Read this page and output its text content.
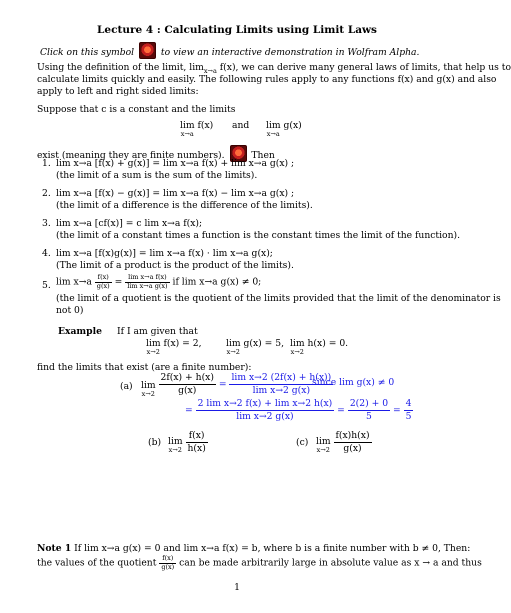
Lecture 4 : Calculating Limits using Limit Laws
Click on this symbol	to view an interactive demonstration in Wolfram Alpha.
Using the definition of the limit, $\lim_{x\to a} f(x)$, we can derive many general laws of limits, that help us to
calculate limits quickly and easily. The following rules apply to any functions f(x) and g(x) and also
apply to left and right sided limits:
Suppose that c is a constant and the limits
lim
x→a
f(x) and lim
x→a
g(x)
exist (meaning they are finite numbers).	Then
1. lim x→a [f(x) + g(x)] = lim x→a f(x) + lim x→a g(x) ;
(the limit of a sum is the sum of the limits).
2. lim x→a [f(x) − g(x)] = lim x→a f(x) − lim x→a g(x) ;
(the limit of a difference is the difference of the limits).
3. lim x→a [cf(x)] = c lim x→a f(x);
(the limit of a constant times a function is the constant times the limit of the function).
4. lim x→a [f(x)g(x)] = lim x→a f(x) · lim x→a g(x);
(The limit of a product is the product of the limits).
5. $\lim x\to a \frac{f(x)}{g(x)} = \frac{\text{lim x→a f(x)}}{\text{lim x→a g(x)}}$ if lim x→a g(x) ≠ 0;
(the limit of a quotient is the quotient of the limits provided that the limit of the denominator is
not 0)
Example If I am given that
lim
x→2
f(x) = 2,	lim
x→2
g(x) = 5, lim
x→2
h(x) = 0.
find the limits that exist (are a finite number):
(a) lim
x→2
$\frac{2f(x) + h(x)}{g(x)} = \frac{\text{lim x→2 (2f(x) + h(x))}}{\text{lim x→2 g(x)}}$
since lim g(x) ≠ 0
= $\frac{\text{2 lim x→2 f(x) + lim x→2 h(x)}}{\text{lim x→2 g(x)}} = \frac{2(2) + 0}{5} = \frac{4}{5}$
(b) lim
x→2
$\frac{f(x)}{h(x)}$	(c) lim
x→2
$\frac{f(x)h(x)}{g(x)}$
Note 1 If lim x→a g(x) = 0 and lim x→a f(x) = b, where b is a finite number with b ≠ 0, Then:
the values of the quotient $\frac{f(x)}{g(x)}$ can be made arbitrarily large in absolute value as x → a and thus
1
